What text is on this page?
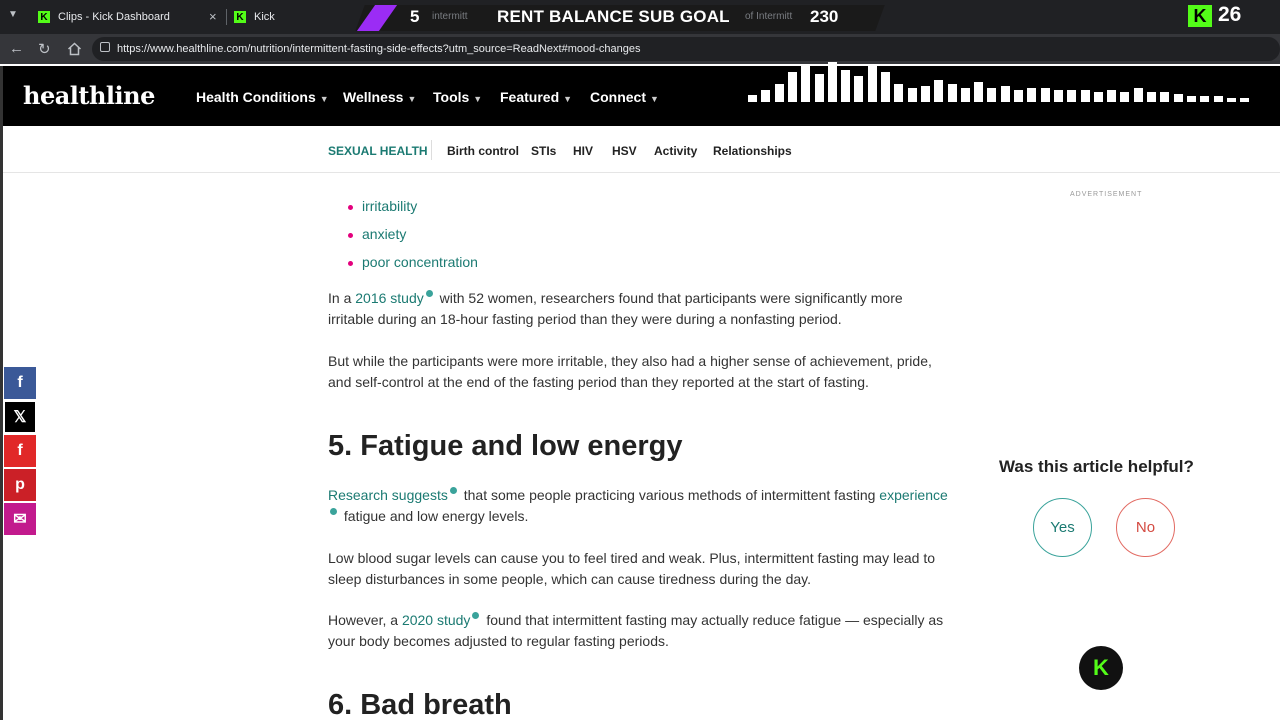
▼ K Clips - Kick Dashboard	× K Kick	5 intermitt	of Intermitt
RENT BALANCE SUB GOAL	230	K 26
← ↻	https://www.healthline.com/nutrition/intermittent-fasting-side-effects?utm_source=ReadNext#mood-changes
healthline	Health Conditions ▼ Wellness ▼ Tools ▼ Featured ▼ Connect ▼
SEXUAL HEALTH Birth control STIs HIV HSV Activity Relationships
f
𝕏
f
p
✉
irritability
anxiety
poor concentration

In a 2016 study with 52 women, researchers found that participants were significantly more irritable during an 18-hour fasting period than they were during a nonfasting period.

But while the participants were more irritable, they also had a higher sense of achievement, pride, and self-control at the end of the fasting period than they reported at the start of fasting.

5. Fatigue and low energy

Research suggests that some people practicing various methods of intermittent fasting experience fatigue and low energy levels.

Low blood sugar levels can cause you to feel tired and weak. Plus, intermittent fasting may lead to sleep disturbances in some people, which can cause tiredness during the day.

However, a 2020 study found that intermittent fasting may actually reduce fatigue — especially as your body becomes adjusted to regular fasting periods.

6. Bad breath
ADVERTISEMENT
Was this article helpful?
Yes	No
K
